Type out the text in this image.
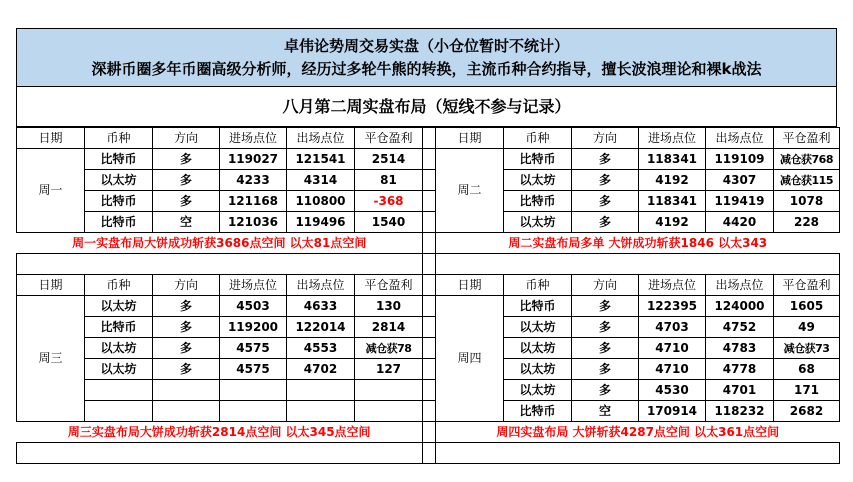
卓伟论势周交易实盘（小仓位暂时不统计）
深耕币圈多年币圈高级分析师，经历过多轮牛熊的转换，主流币种合约指导，擅长波浪理论和裸k战法
八月第二周实盘布局（短线不参与记录）
日期	币种	方向	进场点位	出场点位	平仓盈利		日期	币种	方向	进场点位	出场点位	平仓盈利
周一	比特币	多	119027	121541	2514		周二	比特币	多	118341	119109	减仓获768
	以太坊	多	4233	4314	81			以太坊	多	4192	4307	减仓获115
	比特币	多	121168	110800	-368			比特币	多	118341	119419	1078
	比特币	空	121036	119496	1540			以太坊	多	4192	4420	228
周一实盘布局大饼成功斩获3686点空间 以太81点空间							周二实盘布局多单 大饼成功斩获1846 以太343					

日期	币种	方向	进场点位	出场点位	平仓盈利		日期	币种	方向	进场点位	出场点位	平仓盈利
周三	以太坊	多	4503	4633	130		周四	比特币	多	122395	124000	1605
	比特币	多	119200	122014	2814			以太坊	多	4703	4752	49
	以太坊	多	4575	4553	减仓获78			以太坊	多	4710	4783	减仓获73
	以太坊	多	4575	4702	127			以太坊	多	4710	4778	68
								以太坊	多	4530	4701	171
								比特币	空	170914	118232	2682
周三实盘布局大饼成功斩获2814点空间 以太345点空间							周四实盘布局 大饼斩获4287点空间 以太361点空间					
